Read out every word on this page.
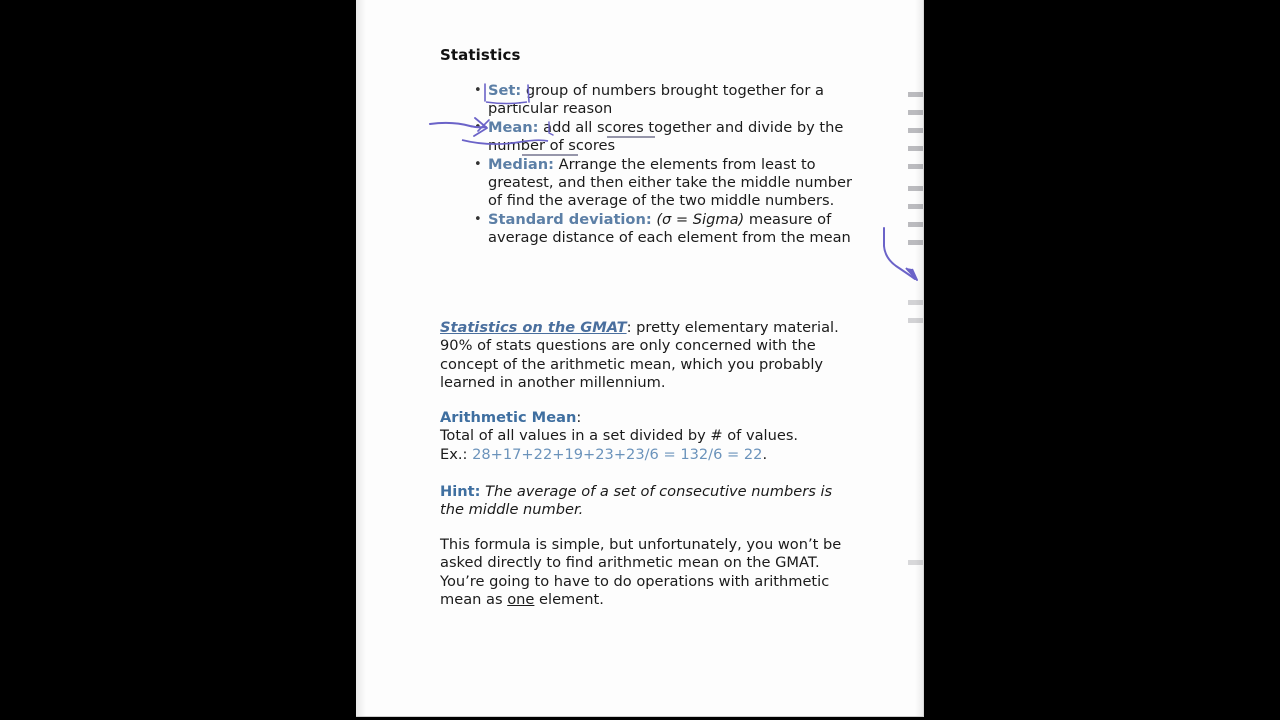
Statistics
• Set: group of numbers brought together for a particular reason
• Mean: add all scores together and divide by the number of scores
• Median: Arrange the elements from least to greatest, and then either take the middle number of find the average of the two middle numbers.
• Standard deviation: (σ = Sigma) measure of average distance of each element from the mean
Statistics on the GMAT: pretty elementary material. 90% of stats questions are only concerned with the concept of the arithmetic mean, which you probably learned in another millennium.
Arithmetic Mean:
Total of all values in a set divided by # of values.
Ex.: 28+17+22+19+23+23/6 = 132/6 = 22.
Hint: The average of a set of consecutive numbers is the middle number.
This formula is simple, but unfortunately, you won’t be asked directly to find arithmetic mean on the GMAT. You’re going to have to do operations with arithmetic mean as one element.
